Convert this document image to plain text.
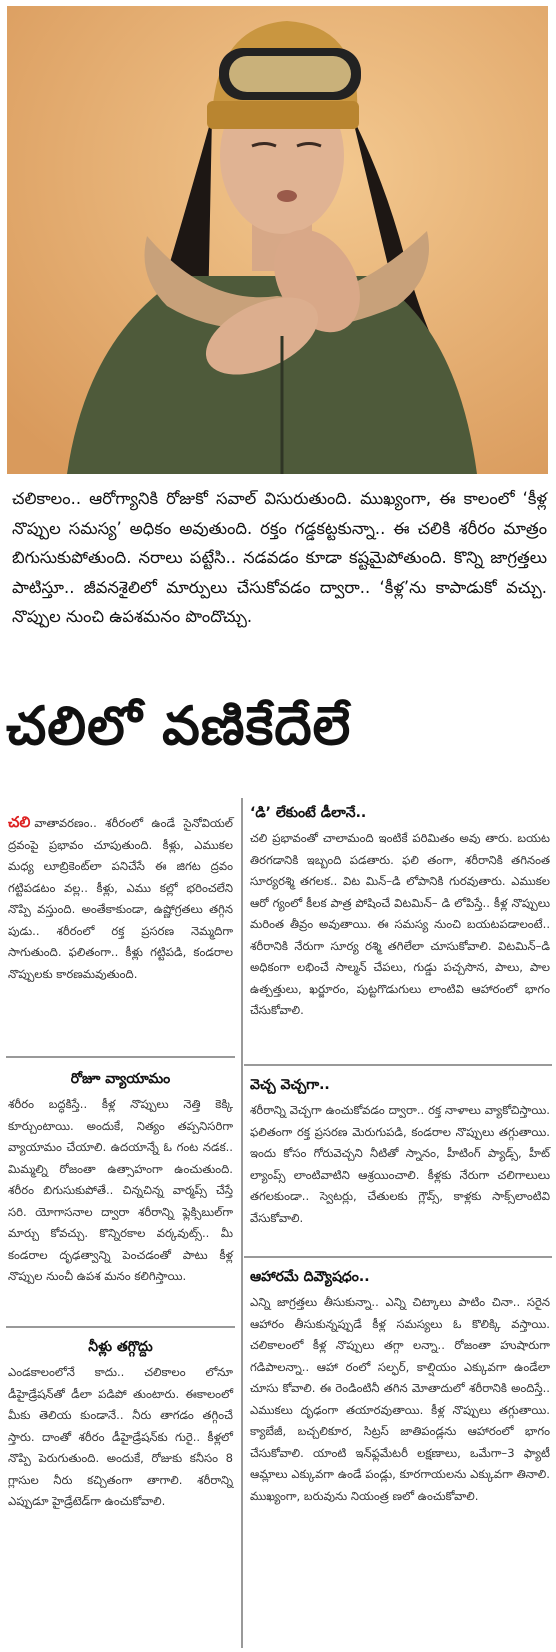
చలికాలం.. ఆరోగ్యానికి రోజుకో సవాల్‌ విసురుతుంది. ముఖ్యంగా, ఈ కాలంలో ‘కీళ్ల నొప్పుల సమస్య’ అధికం అవుతుంది. రక్తం గడ్డకట్టకున్నా.. ఈ చలికి శరీరం మాత్రం బిగుసుకుపోతుంది. నరాలు పట్టేసి.. నడవడం కూడా కష్టమైపోతుంది. కొన్ని జాగ్రత్తలు పాటిస్తూ.. జీవనశైలిలో మార్పులు చేసుకోవడం ద్వారా.. ‘కీళ్ల’ను కాపాడుకో వచ్చు. నొప్పుల నుంచి ఉపశమనం పొందొచ్చు.
చలిలో వణికేదేలే
చలి వాతావరణం.. శరీరంలో ఉండే సైనోవియల్‌ ద్రవంపై ప్రభావం చూపుతుంది. కీళ్లు, ఎముకల మధ్య లూబ్రికెంట్‌లా పనిచేసే ఈ జిగట ద్రవం గట్టిపడటం వల్ల.. కీళ్లు, ఎము కల్లో భరించలేని నొప్పి వస్తుంది. అంతేకాకుండా, ఉష్ణోగ్రతలు తగ్గిన పుడు.. శరీరంలో రక్త ప్రసరణ నెమ్మదిగా సాగుతుంది. ఫలితంగా.. కీళ్లు గట్టిపడి, కండరాల నొప్పులకు కారణమవుతుంది.
రోజూ వ్యాయామం
శరీరం బద్ధకిస్తే.. కీళ్ల నొప్పులు నెత్తి కెక్కి కూర్చుంటాయి. అందుకే, నిత్యం తప్పనిసరిగా వ్యాయామం చేయాలి. ఉదయాన్నే ఓ గంట నడక.. మిమ్మల్ని రోజంతా ఉత్సాహంగా ఉంచుతుంది. శరీరం బిగుసుకుపోతే.. చిన్నచిన్న వార్మప్స్‌ చేస్తే సరి. యోగాసనాల ద్వారా శరీరాన్ని ఫ్లెక్సిబుల్‌గా మార్చు కోవచ్చు. కొన్నిరకాల వర్కవుట్స్‌.. మీ కండరాల దృఢత్వాన్ని పెంచడంతో పాటు కీళ్ల నొప్పుల నుంచీ ఉపశ మనం కలిగిస్తాయి.
నీళ్లు తగ్గొద్దు
ఎండకాలంలోనే కాదు.. చలికాలం లోనూ డీహైడ్రేషన్‌తో డీలా పడిపో తుంటారు. ఈకాలంలో మీకు తెలియ కుండానే.. నీరు తాగడం తగ్గించే స్తారు. దాంతో శరీరం డీహైడ్రేషన్‌కు గురై.. కీళ్లలో నొప్పి పెరుగుతుంది. అందుకే, రోజుకు కనీసం 8 గ్లాసుల నీరు కచ్చితంగా తాగాలి. శరీరాన్ని ఎప్పుడూ హైడ్రేటెడ్‌గా ఉంచుకోవాలి.
‘డి’ లేకుంటే డీలానే..
చలి ప్రభావంతో చాలామంది ఇంటికే పరిమితం అవు తారు. బయట తిరగడానికి ఇబ్బంది పడతారు. ఫలి తంగా, శరీరానికి తగినంత సూర్యరశ్మి తగలక.. విట మిన్‌–డి లోపానికి గురవుతారు. ఎముకల ఆరో గ్యంలో కీలక పాత్ర పోషించే విటమిన్‌– డి లోపిస్తే.. కీళ్ల నొప్పులు మరింత తీవ్రం అవుతాయి. ఈ సమస్య నుంచి బయటపడాలంటే.. శరీరానికి నేరుగా సూర్య రశ్మి తగిలేలా చూసుకోవాలి. విటమిన్‌–డి అధికంగా లభించే సాల్మన్‌ చేపలు, గుడ్డు పచ్చసొన, పాలు, పాల ఉత్పత్తులు, ఖర్జూరం, పుట్టగొడుగులు లాంటివి ఆహారంలో భాగం చేసుకోవాలి.
వెచ్చ వెచ్చగా..
శరీరాన్ని వెచ్చగా ఉంచుకోవడం ద్వారా.. రక్త నాళాలు వ్యాకోచిస్తాయి. ఫలితంగా రక్త ప్రసరణ మెరుగుపడి, కండరాల నొప్పులు తగ్గుతాయి. ఇందు కోసం గోరువెచ్చని నీటితో స్నానం, హీటింగ్‌ ప్యాడ్స్‌, హీట్‌ ల్యాంప్స్‌ లాంటివాటిని ఆశ్రయించాలి. కీళ్లకు నేరుగా చలిగాలులు తగలకుండా.. స్వెటర్లు, చేతులకు గ్లౌవ్స్‌, కాళ్లకు సాక్స్‌లాంటివి వేసుకోవాలి.
ఆహారమే దివ్యౌషధం..
ఎన్ని జాగ్రత్తలు తీసుకున్నా.. ఎన్ని చిట్కాలు పాటిం చినా.. సరైన ఆహారం తీసుకున్నప్పుడే కీళ్ల సమస్యలు ఓ కొలిక్కి వస్తాయి. చలికాలంలో కీళ్ల నొప్పులు తగ్గా లన్నా.. రోజంతా హుషారుగా గడిపాలన్నా.. ఆహా రంలో సల్ఫర్‌, కాల్షియం ఎక్కువగా ఉండేలా చూసు కోవాలి. ఈ రెండింటినీ తగిన మోతాదులో శరీరానికి అందిస్తే.. ఎముకలు దృఢంగా తయారవుతాయి. కీళ్ల నొప్పులు తగ్గుతాయి. క్యాబేజీ, బచ్చలికూర, సిట్రస్‌ జాతిపండ్లను ఆహారంలో భాగం చేసుకోవాలి. యాంటి ఇన్‌ఫ్లమేటరీ లక్షణాలు, ఒమేగా–3 ఫ్యాటీ ఆమ్లాలు ఎక్కువగా ఉండే పండ్లు, కూరగాయలను ఎక్కువగా తినాలి. ముఖ్యంగా, బరువును నియంత్ర ణలో ఉంచుకోవాలి.
